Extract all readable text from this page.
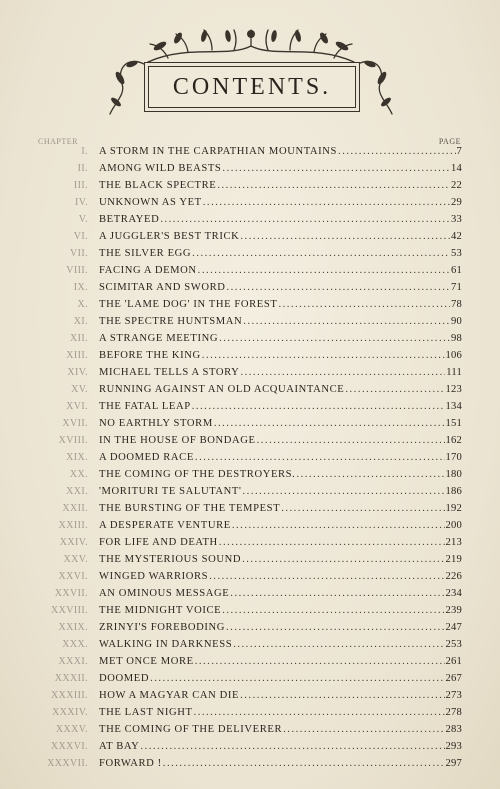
CONTENTS.
CHAPTER	PAGE
I. A STORM IN THE CARPATHIAN MOUNTAINS .....	7
II. AMONG WILD BEASTS .....	14
III. THE BLACK SPECTRE .....	22
IV. UNKNOWN AS YET .....	29
V. BETRAYED .....	33
VI. A JUGGLER'S BEST TRICK .....	42
VII. THE SILVER EGG .....	53
VIII. FACING A DEMON .....	61
IX. SCIMITAR AND SWORD .....	71
X. THE 'LAME DOG' IN THE FOREST .....	78
XI. THE SPECTRE HUNTSMAN .....	90
XII. A STRANGE MEETING .....	98
XIII. BEFORE THE KING .....	106
XIV. MICHAEL TELLS A STORY .....	111
XV. RUNNING AGAINST AN OLD ACQUAINTANCE .....	123
XVI. THE FATAL LEAP .....	134
XVII. NO EARTHLY STORM .....	151
XVIII. IN THE HOUSE OF BONDAGE .....	162
XIX. A DOOMED RACE .....	170
XX. THE COMING OF THE DESTROYERS. .....	180
XXI. 'MORITURI TE SALUTANT' .....	186
XXII. THE BURSTING OF THE TEMPEST .....	192
XXIII. A DESPERATE VENTURE .....	200
XXIV. FOR LIFE AND DEATH .....	213
XXV. THE MYSTERIOUS SOUND .....	219
XXVI. WINGED WARRIORS .....	226
XXVII. AN OMINOUS MESSAGE .....	234
XXVIII. THE MIDNIGHT VOICE .....	239
XXIX. ZRINYI'S FOREBODING .....	247
XXX. WALKING IN DARKNESS .....	253
XXXI. MET ONCE MORE .....	261
XXXII. DOOMED .....	267
XXXIII. HOW A MAGYAR CAN DIE .....	273
XXXIV. THE LAST NIGHT .....	278
XXXV. THE COMING OF THE DELIVERER .....	283
XXXVI. AT BAY .....	293
XXXVII. FORWARD ! .....	297
